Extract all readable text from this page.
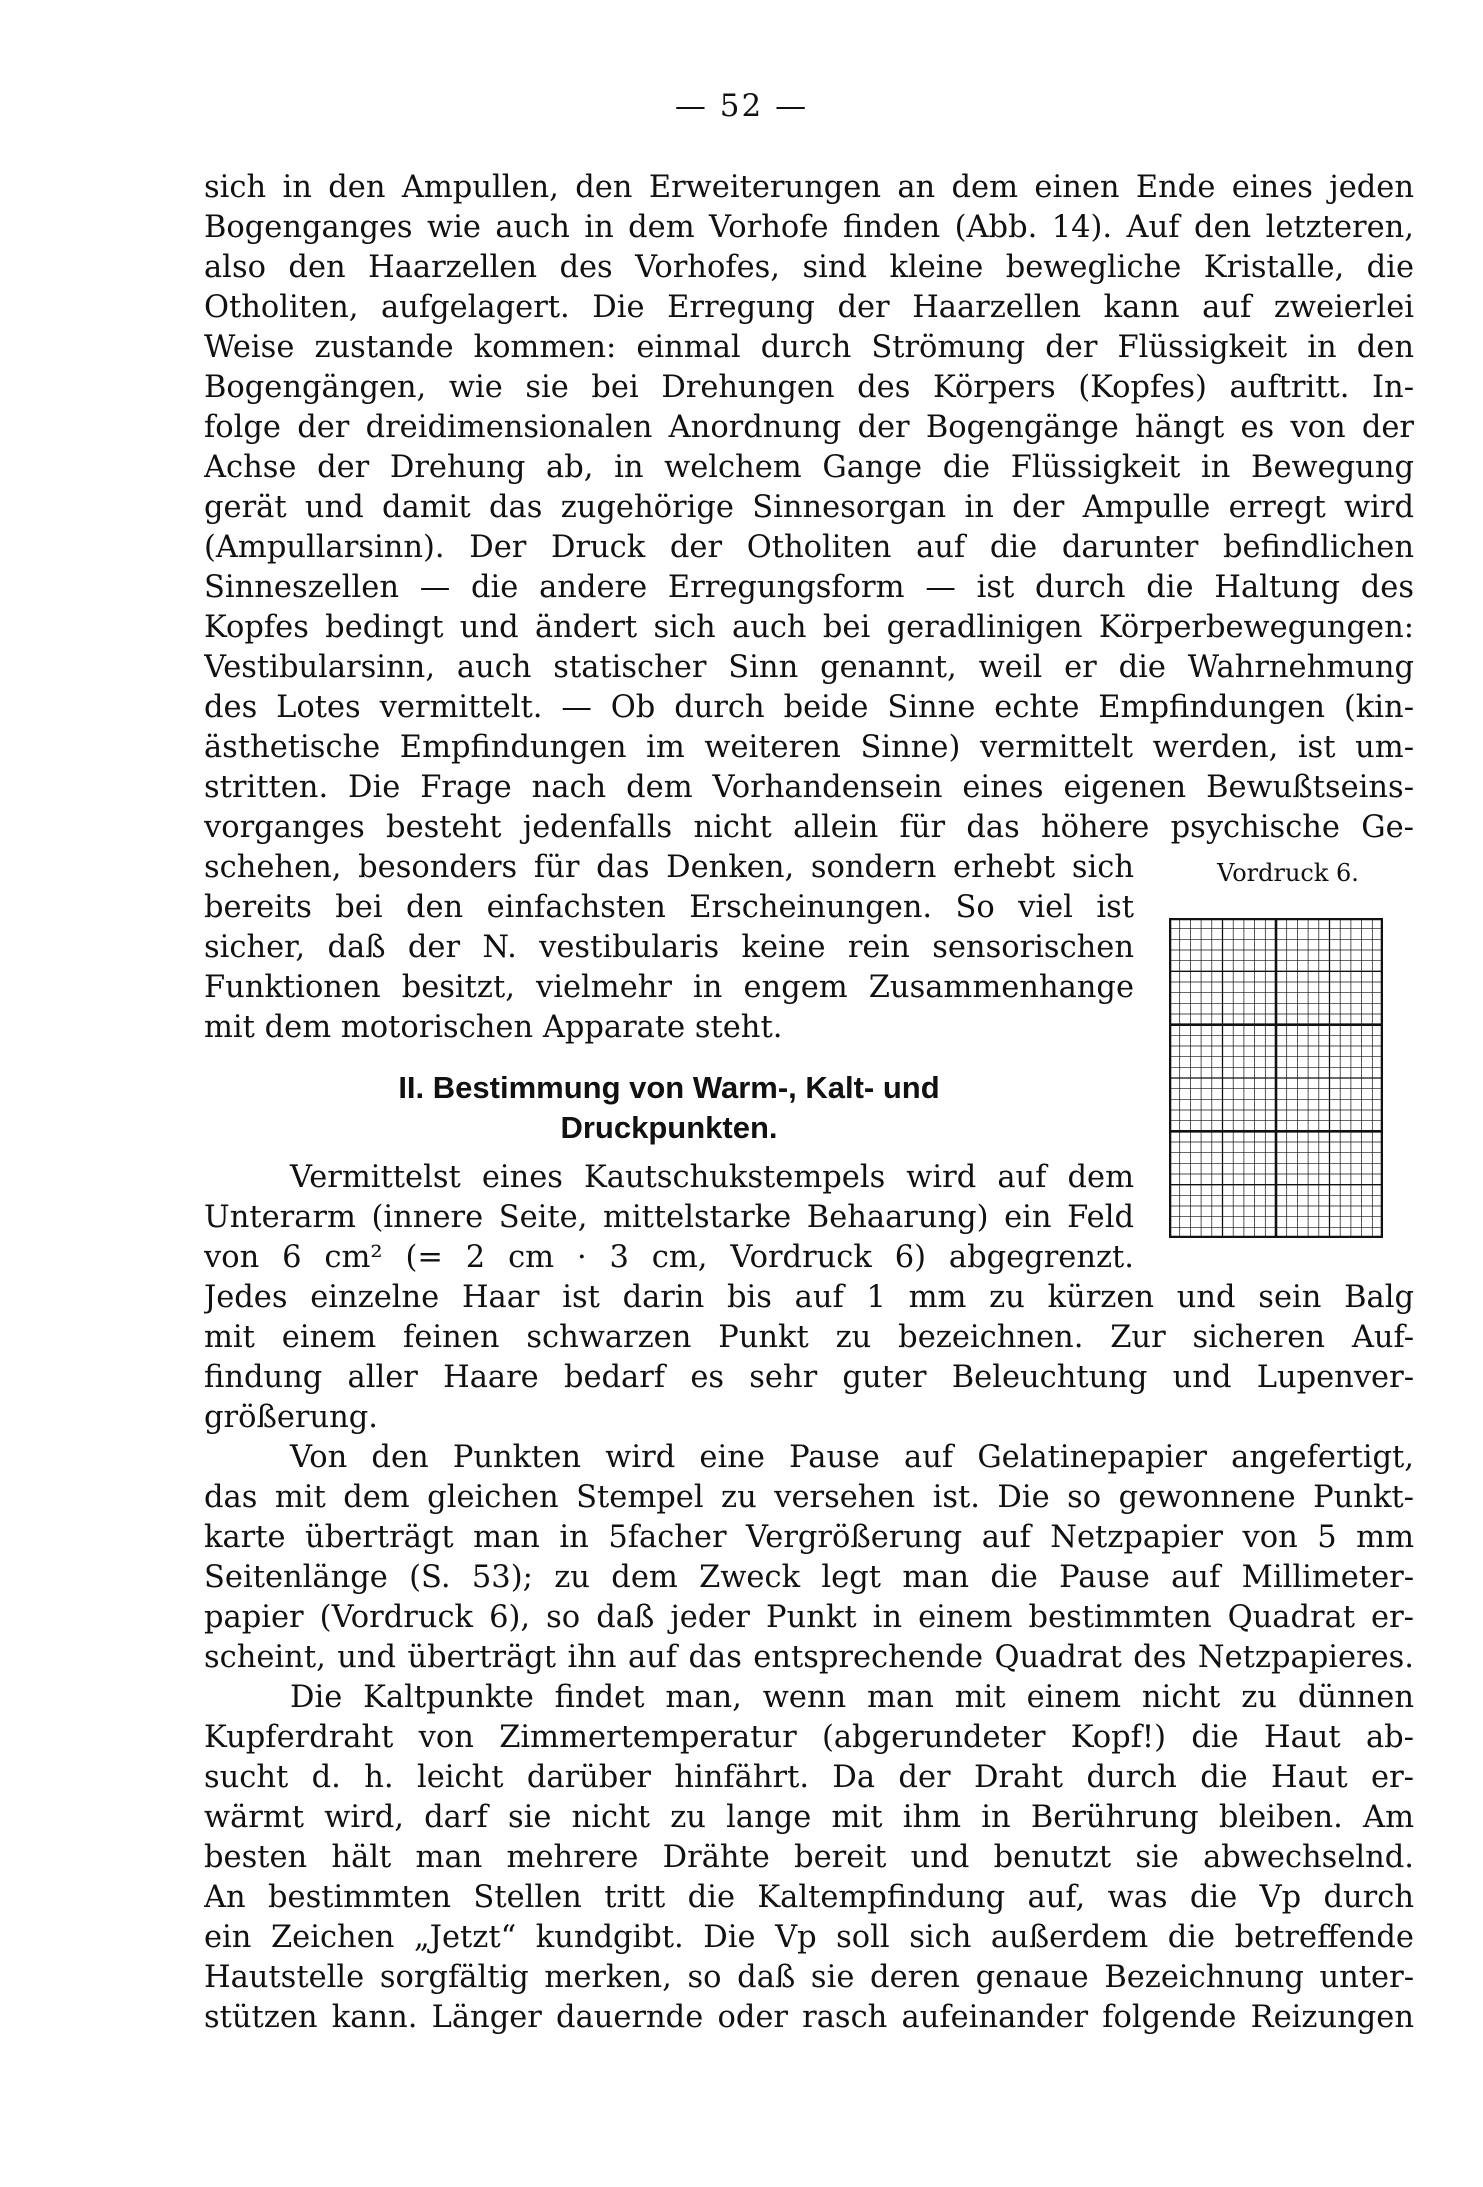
— 52 —
sich in den Ampullen, den Erweiterungen an dem einen Ende eines jeden
Bogenganges wie auch in dem Vorhofe finden (Abb. 14). Auf den letzteren,
also den Haarzellen des Vorhofes, sind kleine bewegliche Kristalle, die
Otholiten, aufgelagert. Die Erregung der Haarzellen kann auf zweierlei
Weise zustande kommen: einmal durch Strömung der Flüssigkeit in den
Bogengängen, wie sie bei Drehungen des Körpers (Kopfes) auftritt. In-
folge der dreidimensionalen Anordnung der Bogengänge hängt es von der
Achse der Drehung ab, in welchem Gange die Flüssigkeit in Bewegung
gerät und damit das zugehörige Sinnesorgan in der Ampulle erregt wird
(Ampullarsinn). Der Druck der Otholiten auf die darunter befindlichen
Sinneszellen — die andere Erregungsform — ist durch die Haltung des
Kopfes bedingt und ändert sich auch bei geradlinigen Körperbewegungen:
Vestibularsinn, auch statischer Sinn genannt, weil er die Wahrnehmung
des Lotes vermittelt. — Ob durch beide Sinne echte Empfindungen (kin-
ästhetische Empfindungen im weiteren Sinne) vermittelt werden, ist um-
stritten. Die Frage nach dem Vorhandensein eines eigenen Bewußtseins-
vorganges besteht jedenfalls nicht allein für das höhere psychische Ge-
schehen, besonders für das Denken, sondern erhebt sich
bereits bei den einfachsten Erscheinungen. So viel ist
sicher, daß der N. vestibularis keine rein sensorischen
Funktionen besitzt, vielmehr in engem Zusammenhange
mit dem motorischen Apparate steht.
II. Bestimmung von Warm-, Kalt- und
Druckpunkten.
Vermittelst eines Kautschukstempels wird auf dem
Unterarm (innere Seite, mittelstarke Behaarung) ein Feld
von 6 cm² (= 2 cm · 3 cm, Vordruck 6) abgegrenzt.
Jedes einzelne Haar ist darin bis auf 1 mm zu kürzen und sein Balg
mit einem feinen schwarzen Punkt zu bezeichnen. Zur sicheren Auf-
findung aller Haare bedarf es sehr guter Beleuchtung und Lupenver-
größerung.
Von den Punkten wird eine Pause auf Gelatinepapier angefertigt,
das mit dem gleichen Stempel zu versehen ist. Die so gewonnene Punkt-
karte überträgt man in 5facher Vergrößerung auf Netzpapier von 5 mm
Seitenlänge (S. 53); zu dem Zweck legt man die Pause auf Millimeter-
papier (Vordruck 6), so daß jeder Punkt in einem bestimmten Quadrat er-
scheint, und überträgt ihn auf das entsprechende Quadrat des Netzpapieres.
Die Kaltpunkte findet man, wenn man mit einem nicht zu dünnen
Kupferdraht von Zimmertemperatur (abgerundeter Kopf!) die Haut ab-
sucht d. h. leicht darüber hinfährt. Da der Draht durch die Haut er-
wärmt wird, darf sie nicht zu lange mit ihm in Berührung bleiben. Am
besten hält man mehrere Drähte bereit und benutzt sie abwechselnd.
An bestimmten Stellen tritt die Kaltempfindung auf, was die Vp durch
ein Zeichen „Jetzt“ kundgibt. Die Vp soll sich außerdem die betreffende
Hautstelle sorgfältig merken, so daß sie deren genaue Bezeichnung unter-
stützen kann. Länger dauernde oder rasch aufeinander folgende Reizungen
Vordruck 6.
